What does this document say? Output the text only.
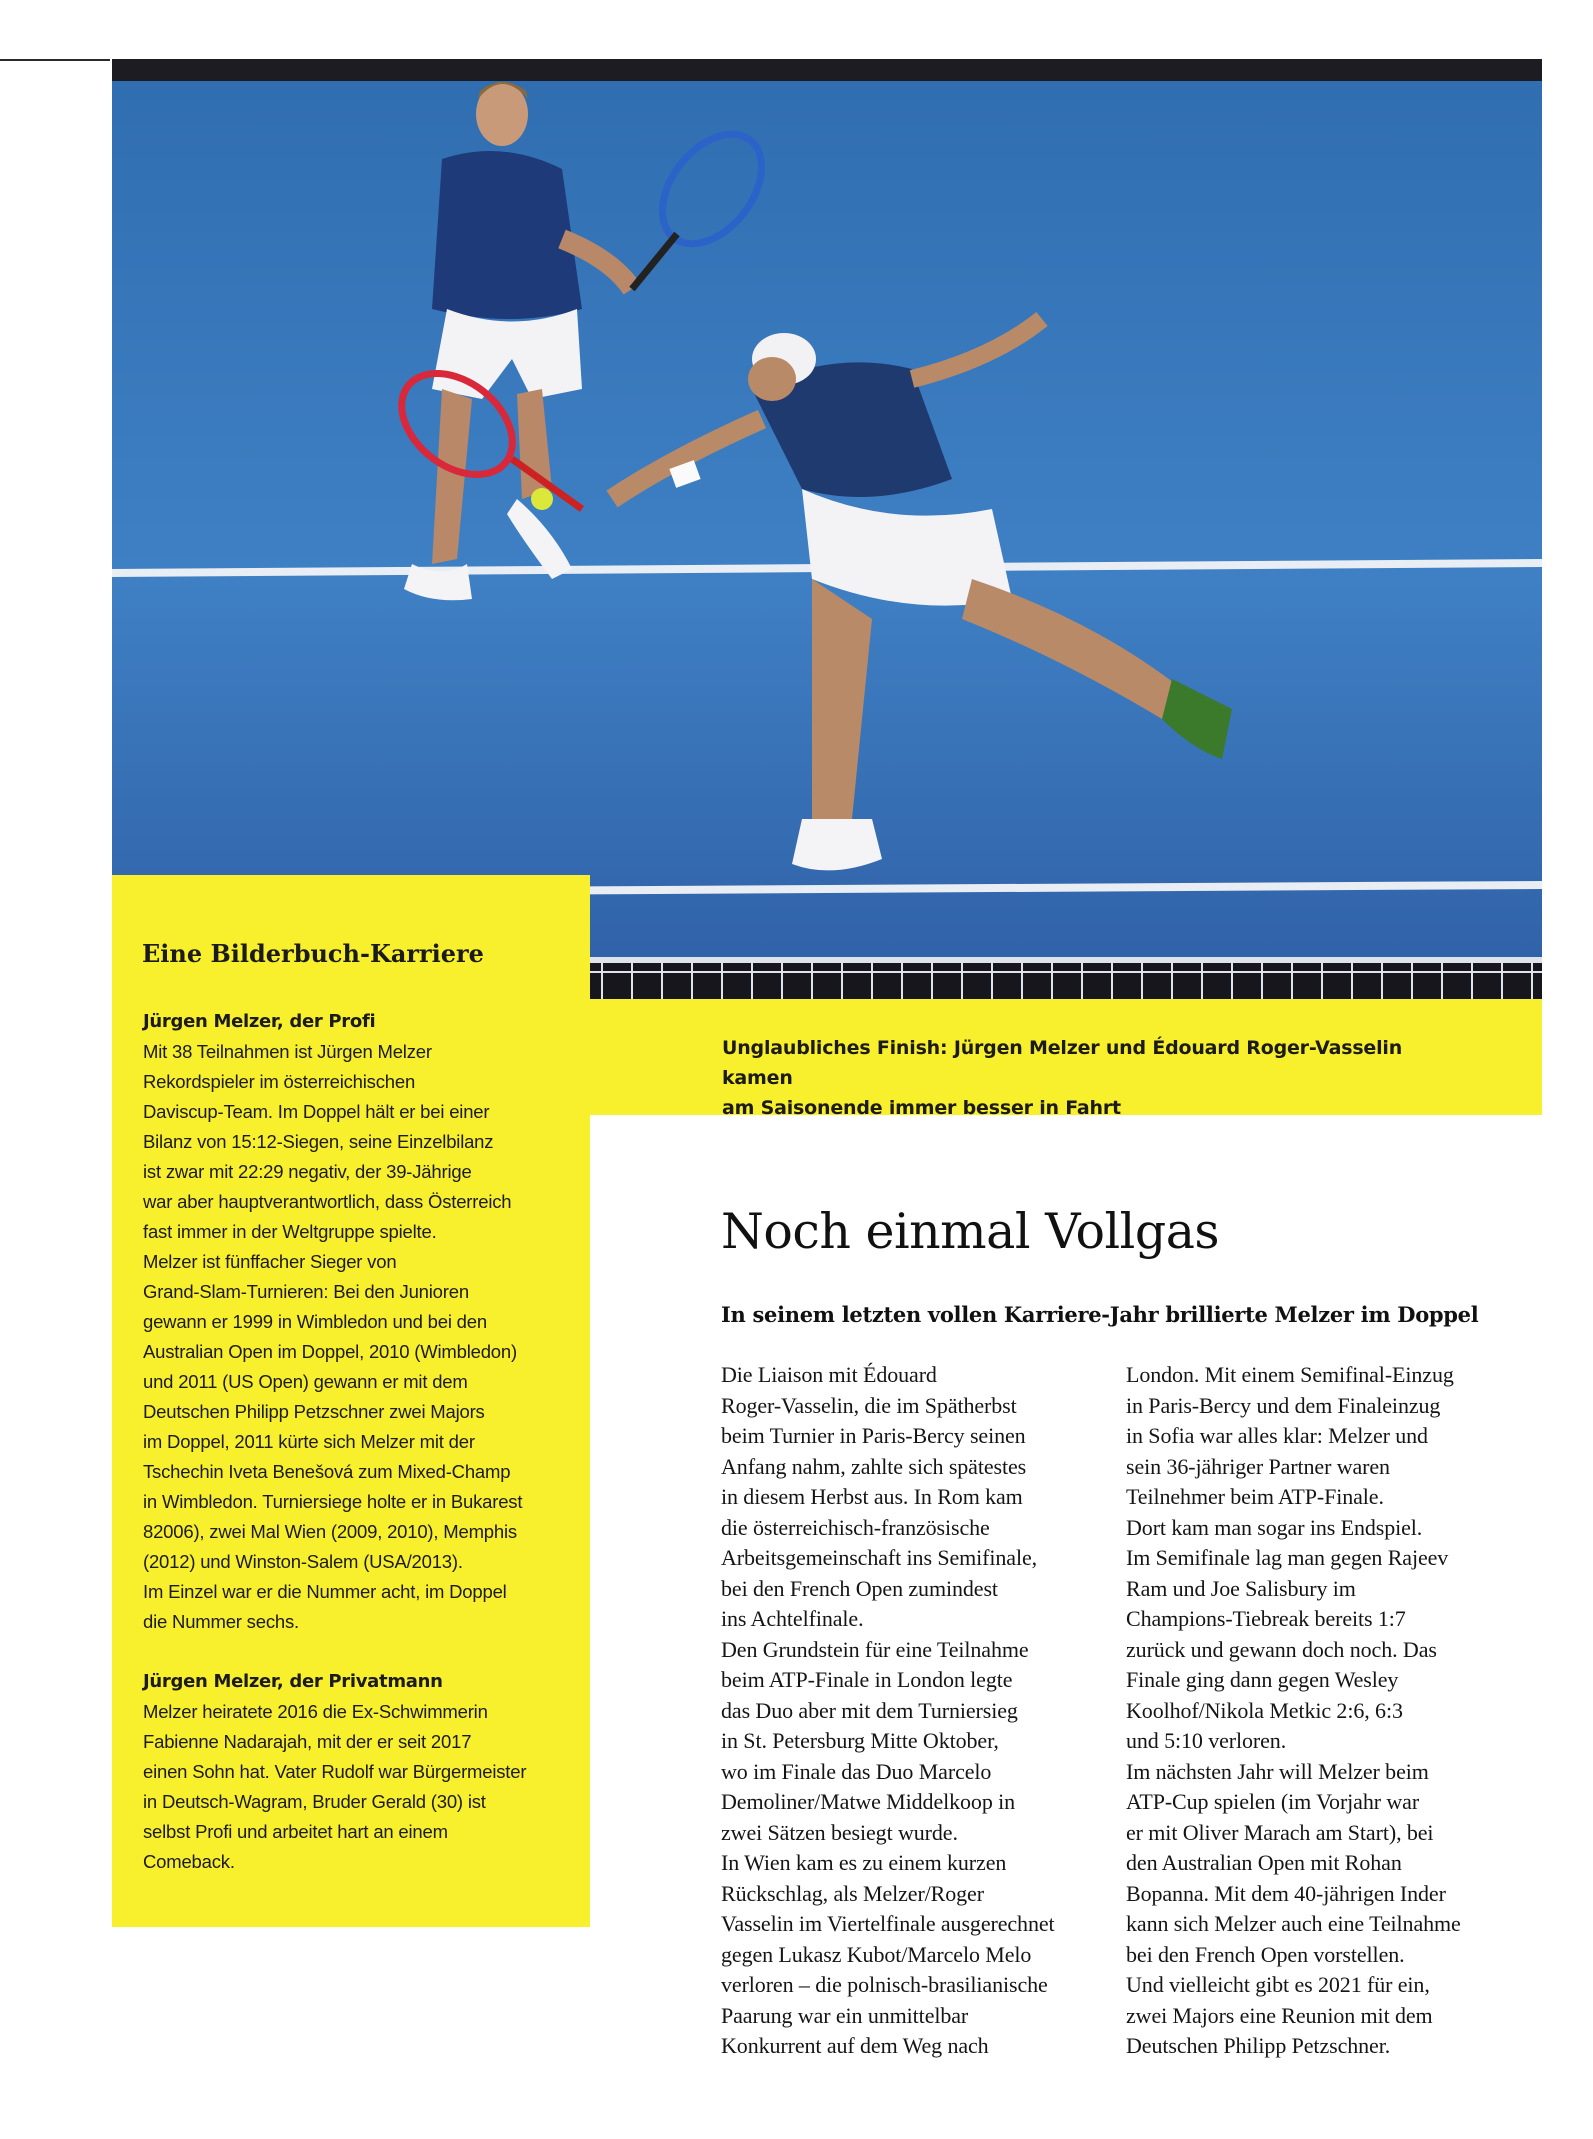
Unglaubliches Finish: Jürgen Melzer und Édouard Roger-Vasselin kamen
am Saisonende immer besser in Fahrt
Eine Bilderbuch-Karriere
Jürgen Melzer, der Profi
Mit 38 Teilnahmen ist Jürgen Melzer
Rekordspieler im österreichischen
Daviscup-Team. Im Doppel hält er bei einer
Bilanz von 15:12-Siegen, seine Einzelbilanz
ist zwar mit 22:29 negativ, der 39-Jährige
war aber hauptverantwortlich, dass Österreich
fast immer in der Weltgruppe spielte.
Melzer ist fünffacher Sieger von
Grand-Slam-Turnieren: Bei den Junioren
gewann er 1999 in Wimbledon und bei den
Australian Open im Doppel, 2010 (Wimbledon)
und 2011 (US Open) gewann er mit dem
Deutschen Philipp Petzschner zwei Majors
im Doppel, 2011 kürte sich Melzer mit der
Tschechin Iveta Benešová zum Mixed-Champ
in Wimbledon. Turniersiege holte er in Bukarest
82006), zwei Mal Wien (2009, 2010), Memphis
(2012) und Winston-Salem (USA/2013).
Im Einzel war er die Nummer acht, im Doppel
die Nummer sechs.
Jürgen Melzer, der Privatmann
Melzer heiratete 2016 die Ex-Schwimmerin
Fabienne Nadarajah, mit der er seit 2017
einen Sohn hat. Vater Rudolf war Bürgermeister
in Deutsch-Wagram, Bruder Gerald (30) ist
selbst Profi und arbeitet hart an einem
Comeback.
Noch einmal Vollgas
In seinem letzten vollen Karriere-Jahr brillierte Melzer im Doppel
Die Liaison mit Édouard
Roger-Vasselin, die im Spätherbst
beim Turnier in Paris-Bercy seinen
Anfang nahm, zahlte sich spätestes
in diesem Herbst aus. In Rom kam
die österreichisch-französische
Arbeitsgemeinschaft ins Semifinale,
bei den French Open zumindest
ins Achtelfinale.
Den Grundstein für eine Teilnahme
beim ATP-Finale in London legte
das Duo aber mit dem Turniersieg
in St. Petersburg Mitte Oktober,
wo im Finale das Duo Marcelo
Demoliner/Matwe Middelkoop in
zwei Sätzen besiegt wurde.
In Wien kam es zu einem kurzen
Rückschlag, als Melzer/Roger
Vasselin im Viertelfinale ausgerechnet
gegen Lukasz Kubot/Marcelo Melo
verloren – die polnisch-brasilianische
Paarung war ein unmittelbar
Konkurrent auf dem Weg nach
London. Mit einem Semifinal-Einzug
in Paris-Bercy und dem Finaleinzug
in Sofia war alles klar: Melzer und
sein 36-jähriger Partner waren
Teilnehmer beim ATP-Finale.
Dort kam man sogar ins Endspiel.
Im Semifinale lag man gegen Rajeev
Ram und Joe Salisbury im
Champions-Tiebreak bereits 1:7
zurück und gewann doch noch. Das
Finale ging dann gegen Wesley
Koolhof/Nikola Metkic 2:6, 6:3
und 5:10 verloren.
Im nächsten Jahr will Melzer beim
ATP-Cup spielen (im Vorjahr war
er mit Oliver Marach am Start), bei
den Australian Open mit Rohan
Bopanna. Mit dem 40-jährigen Inder
kann sich Melzer auch eine Teilnahme
bei den French Open vorstellen.
Und vielleicht gibt es 2021 für ein,
zwei Majors eine Reunion mit dem
Deutschen Philipp Petzschner.
